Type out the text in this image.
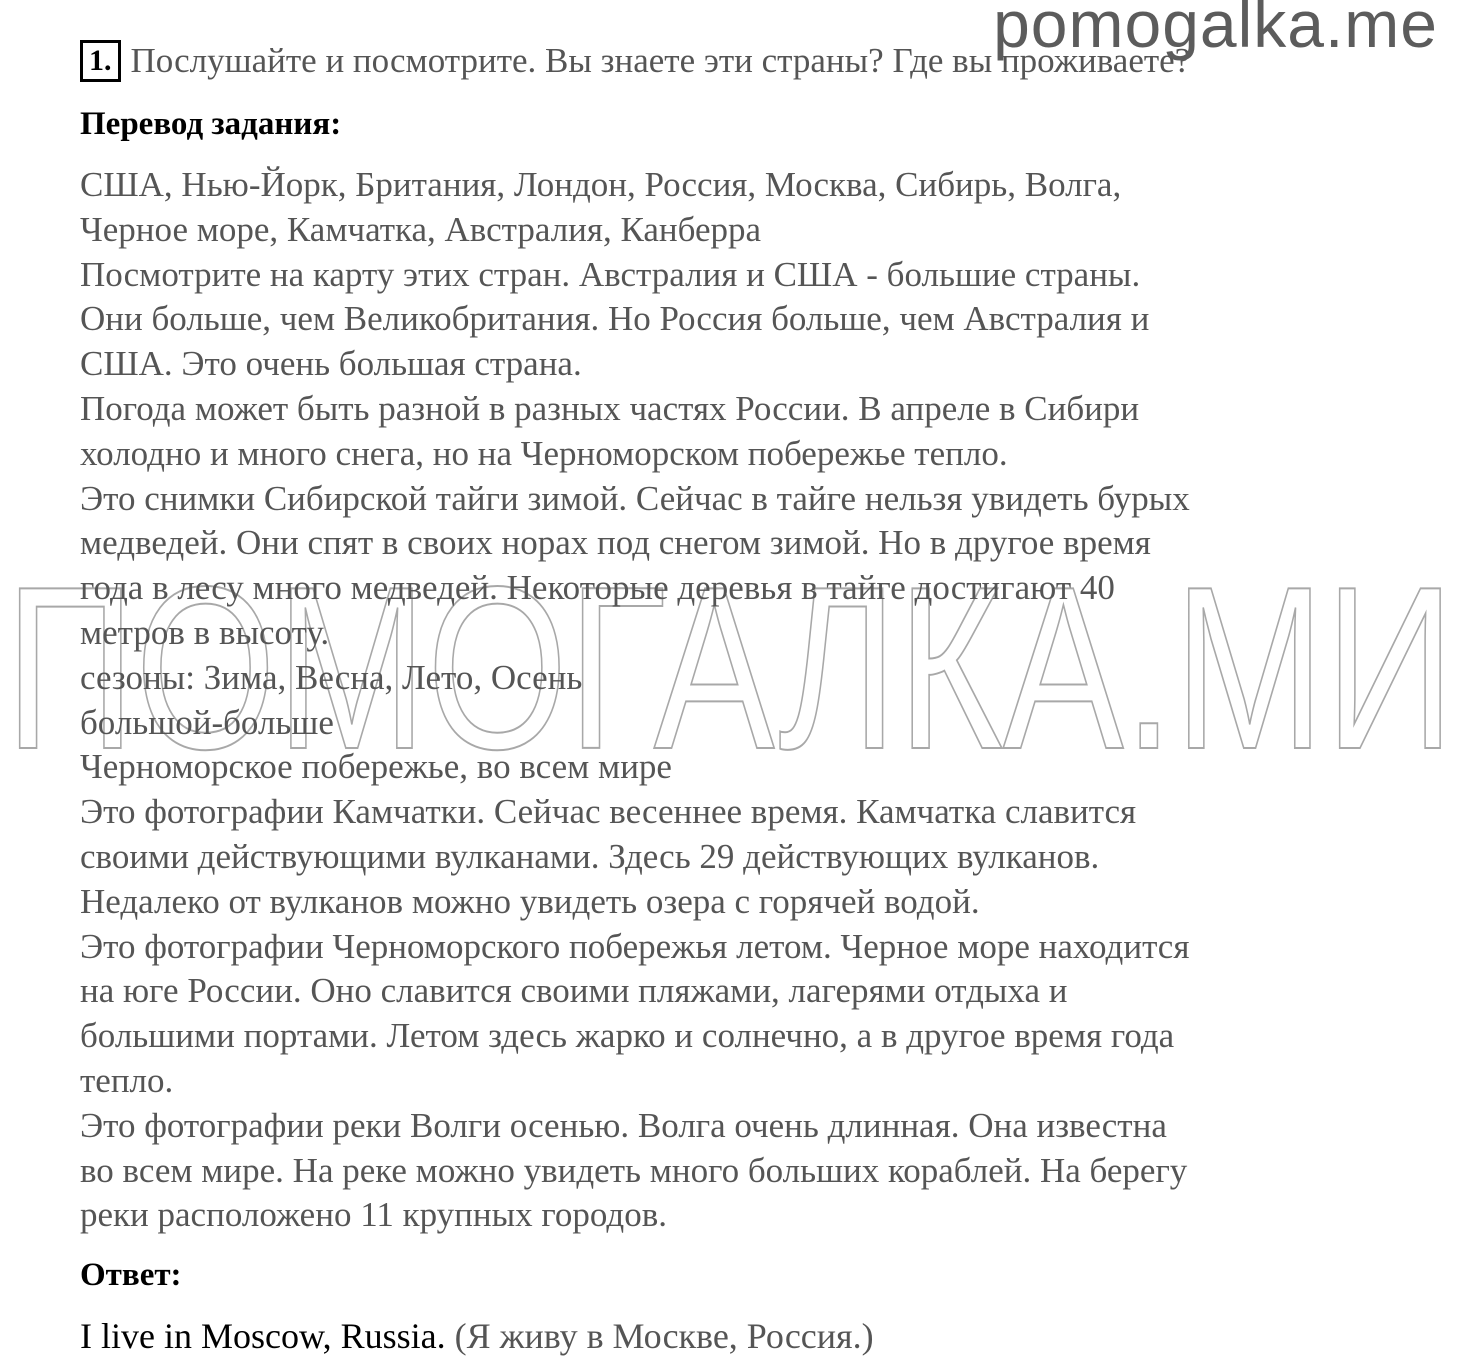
pomogalka.me
ПОМОГАЛКА.МИ
1. Послушайте и посмотрите. Вы знаете эти страны? Где вы проживаете?
Перевод задания:
США, Нью-Йорк, Британия, Лондон, Россия, Москва, Сибирь, Волга,
Черное море, Камчатка, Австралия, Канберра
Посмотрите на карту этих стран. Австралия и США - большие страны.
Они больше, чем Великобритания. Но Россия больше, чем Австралия и
США. Это очень большая страна.
Погода может быть разной в разных частях России. В апреле в Сибири
холодно и много снега, но на Черноморском побережье тепло.
Это снимки Сибирской тайги зимой. Сейчас в тайге нельзя увидеть бурых
медведей. Они спят в своих норах под снегом зимой. Но в другое время
года в лесу много медведей. Некоторые деревья в тайге достигают 40
метров в высоту.
сезоны: Зима, Весна, Лето, Осень
большой-больше
Черноморское побережье, во всем мире
Это фотографии Камчатки. Сейчас весеннее время. Камчатка славится
своими действующими вулканами. Здесь 29 действующих вулканов.
Недалеко от вулканов можно увидеть озера с горячей водой.
Это фотографии Черноморского побережья летом. Черное море находится
на юге России. Оно славится своими пляжами, лагерями отдыха и
большими портами. Летом здесь жарко и солнечно, а в другое время года
тепло.
Это фотографии реки Волги осенью. Волга очень длинная. Она известна
во всем мире. На реке можно увидеть много больших кораблей. На берегу
реки расположено 11 крупных городов.
Ответ:
I live in Moscow, Russia. (Я живу в Москве, Россия.)
